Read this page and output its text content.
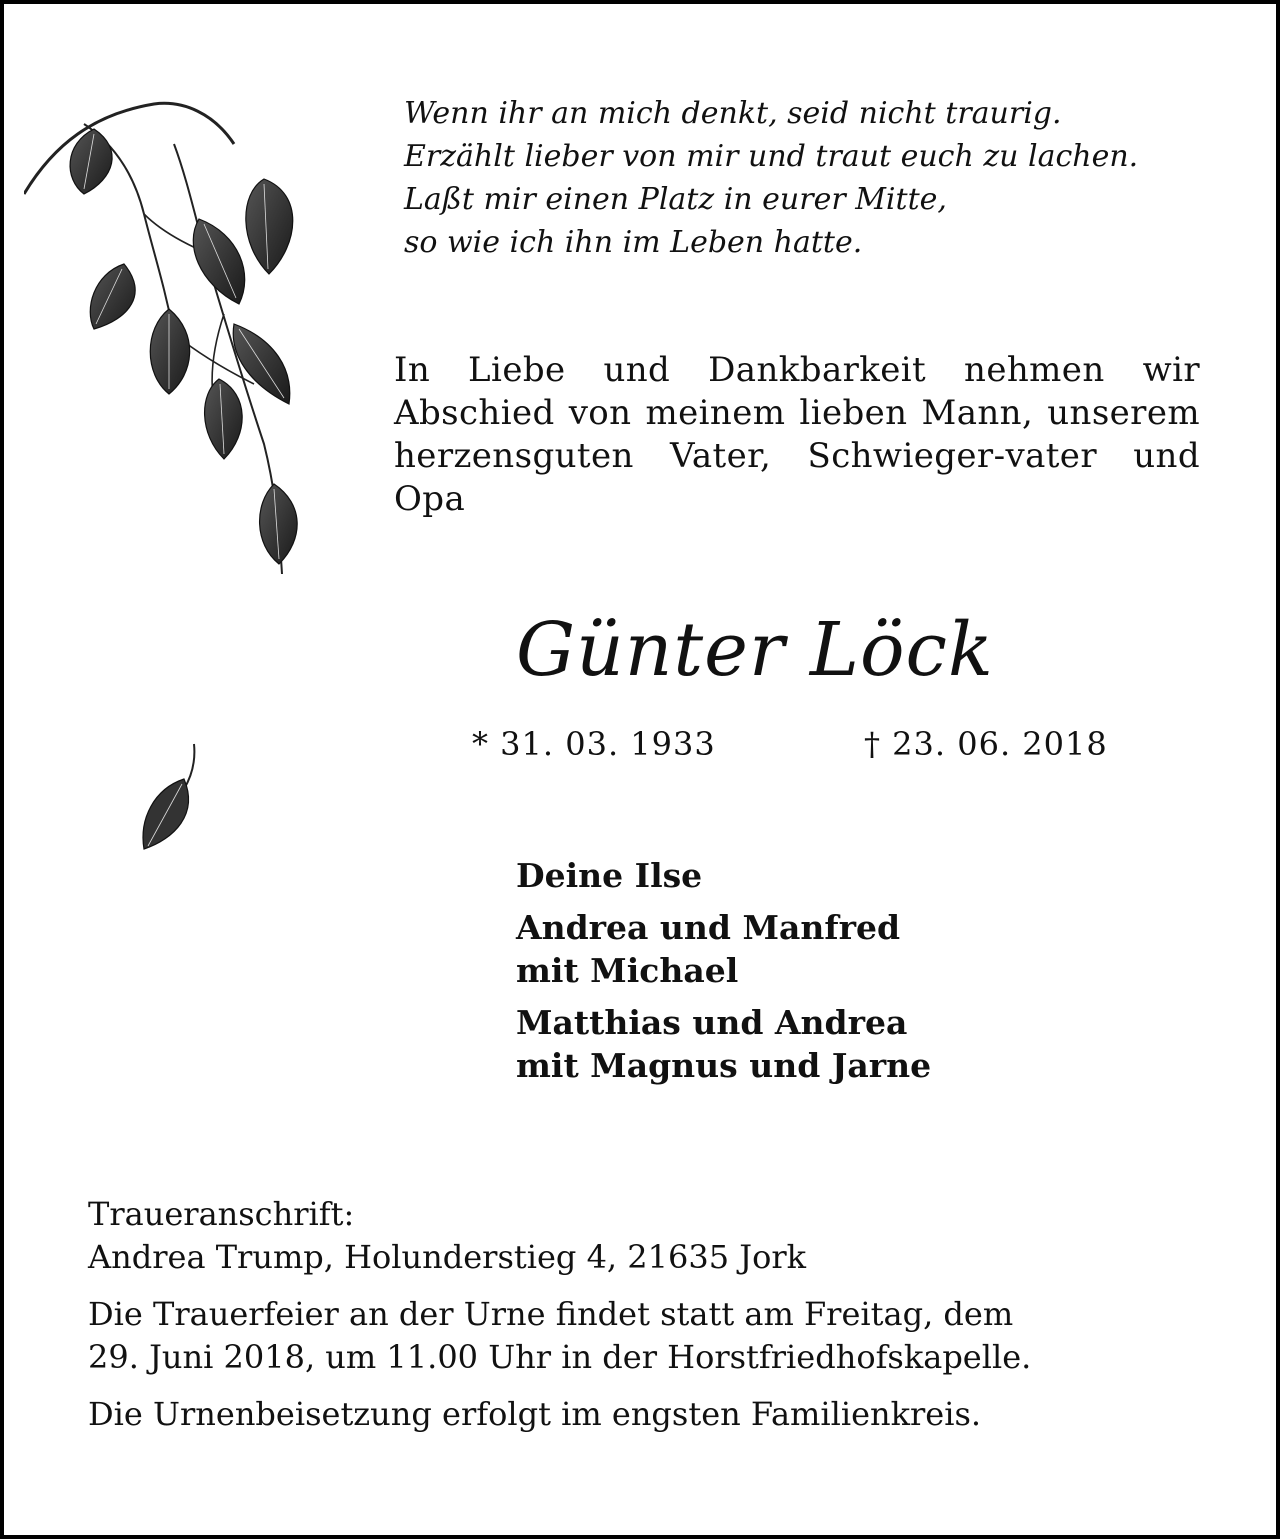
Wenn ihr an mich denkt, seid nicht traurig.
Erzählt lieber von mir und traut euch zu lachen.
Laßt mir einen Platz in eurer Mitte,
so wie ich ihn im Leben hatte.

In Liebe und Dankbarkeit nehmen wir Abschied von meinem lieben Mann, unserem herzensguten Vater, Schwieger-vater und Opa

Günter Löck
* 31. 03. 1933	† 23. 06. 2018
Deine Ilse
Andrea und Manfred
mit Michael
Matthias und Andrea
mit Magnus und Jarne

Traueranschrift:
Andrea Trump, Holunderstieg 4, 21635 Jork

Die Trauerfeier an der Urne findet statt am Freitag, dem
29. Juni 2018, um 11.00 Uhr in der Horstfriedhofskapelle.

Die Urnenbeisetzung erfolgt im engsten Familienkreis.
